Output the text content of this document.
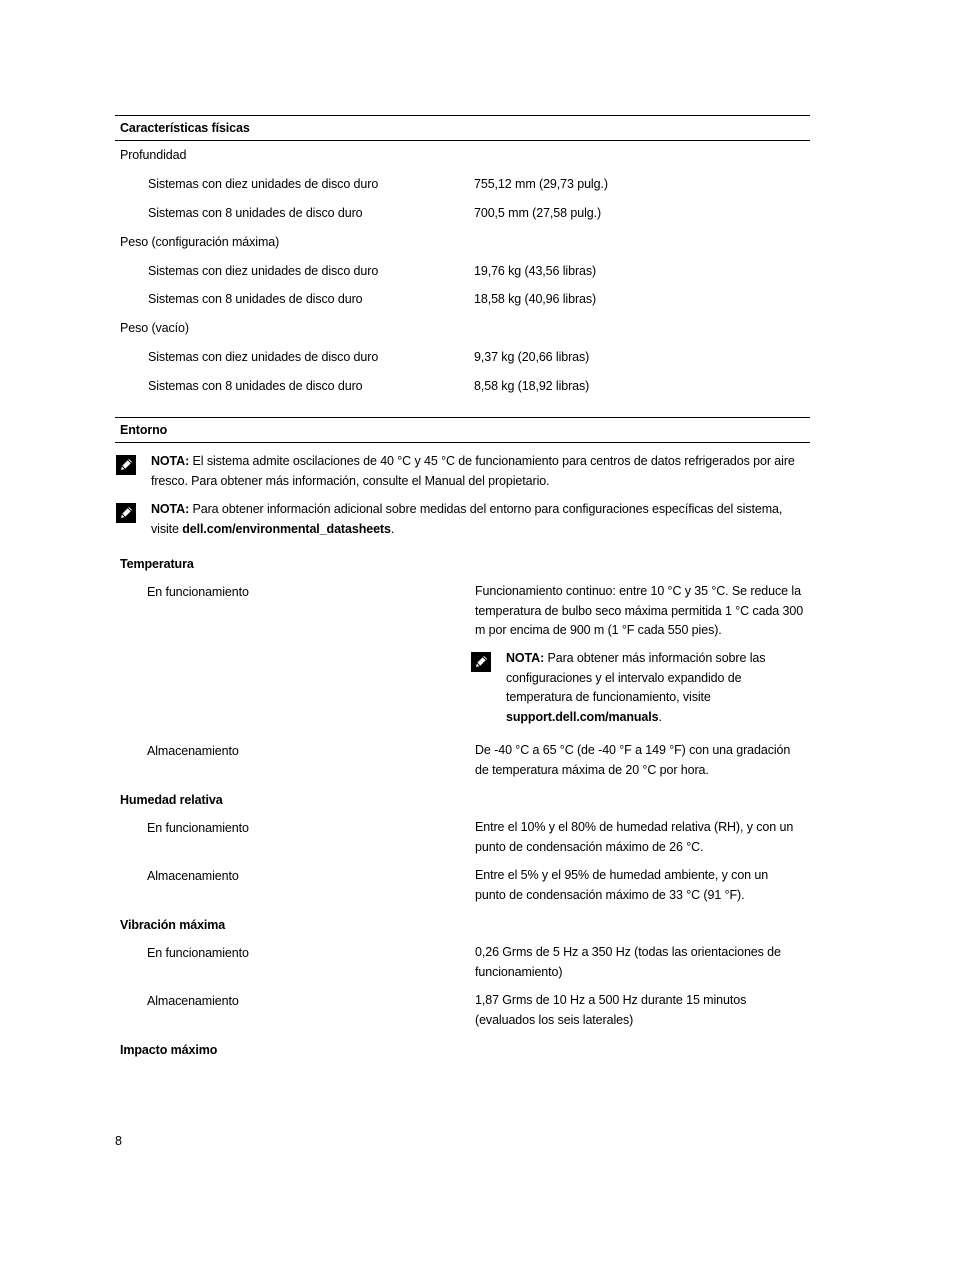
Características físicas
Profundidad
Sistemas con diez unidades de disco duro	755,12 mm (29,73 pulg.)
Sistemas con 8 unidades de disco duro	700,5 mm (27,58 pulg.)
Peso (configuración máxima)
Sistemas con diez unidades de disco duro	19,76 kg (43,56 libras)
Sistemas con 8 unidades de disco duro	18,58 kg (40,96 libras)
Peso (vacío)
Sistemas con diez unidades de disco duro	9,37 kg (20,66 libras)
Sistemas con 8 unidades de disco duro	8,58 kg (18,92 libras)
Entorno
NOTA: El sistema admite oscilaciones de 40 °C y 45 °C de funcionamiento para centros de datos refrigerados por aire fresco. Para obtener más información, consulte el Manual del propietario.
NOTA: Para obtener información adicional sobre medidas del entorno para configuraciones específicas del sistema, visite dell.com/environmental_datasheets.
Temperatura
En funcionamiento	Funcionamiento continuo: entre 10 °C y 35 °C. Se reduce la temperatura de bulbo seco máxima permitida 1 °C cada 300 m por encima de 900 m (1 °F cada 550 pies).
NOTA: Para obtener más información sobre las configuraciones y el intervalo expandido de temperatura de funcionamiento, visite support.dell.com/manuals.
Almacenamiento	De -40 °C a 65 °C (de -40 °F a 149 °F) con una gradación de temperatura máxima de 20 °C por hora.
Humedad relativa
En funcionamiento	Entre el 10% y el 80% de humedad relativa (RH), y con un punto de condensación máximo de 26 °C.
Almacenamiento	Entre el 5% y el 95% de humedad ambiente, y con un punto de condensación máximo de 33 °C (91 °F).
Vibración máxima
En funcionamiento	0,26 Grms de 5 Hz a 350 Hz (todas las orientaciones de funcionamiento)
Almacenamiento	1,87 Grms de 10 Hz a 500 Hz durante 15 minutos (evaluados los seis laterales)
Impacto máximo
8
